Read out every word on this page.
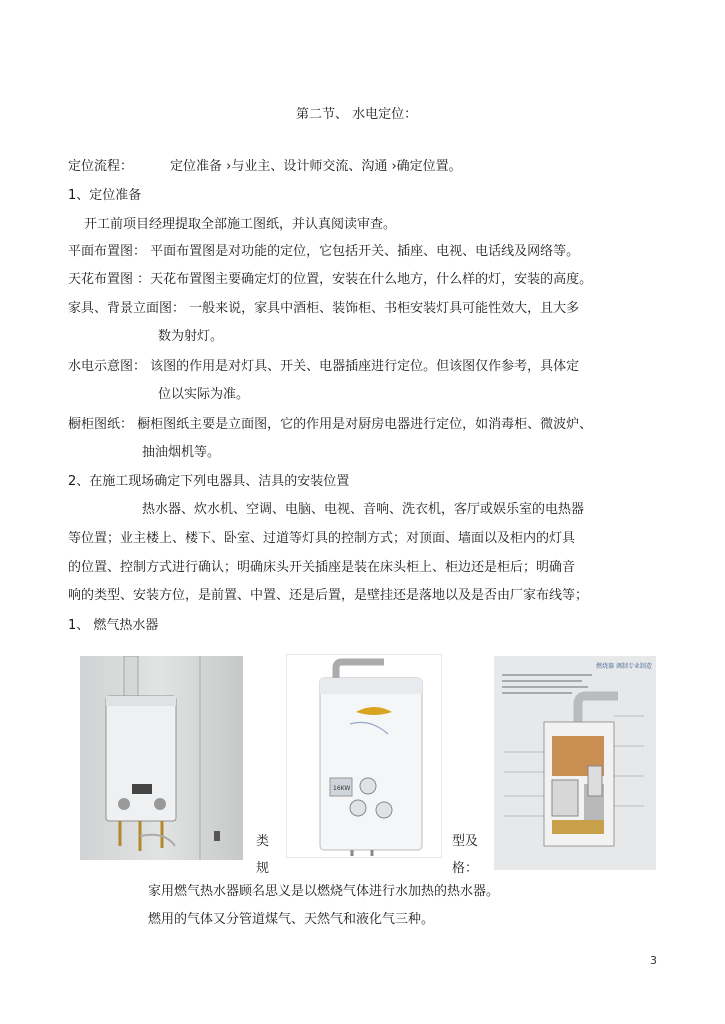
第二节、 水电定位：
定位流程：	定位准备 ›与业主、设计师交流、沟通 ›确定位置。
1、定位准备
开工前项目经理提取全部施工图纸，并认真阅读审查。
平面布置图： 平面布置图是对功能的定位，它包括开关、插座、电视、电话线及网络等。
天花布置图 ：天花布置图主要确定灯的位置，安装在什么地方，什么样的灯，安装的高度。
家具、背景立面图： 一般来说，家具中酒柜、装饰柜、书柜安装灯具可能性效大，且大多
数为射灯。
水电示意图： 该图的作用是对灯具、开关、电器插座进行定位。但该图仅作参考，具体定
位以实际为准。
橱柜图纸： 橱柜图纸主要是立面图，它的作用是对厨房电器进行定位，如消毒柜、微波炉、
抽油烟机等。
2、在施工现场确定下列电器具、洁具的安装位置
热水器、炊水机、空调、电脑、电视、音响、洗衣机，客厅或娱乐室的电热器
等位置；业主楼上、楼下、卧室、过道等灯具的控制方式；对顶面、墙面以及柜内的灯具
的位置、控制方式进行确认；明确床头开关插座是装在床头柜上、柜边还是柜后；明确音
响的类型、安装方位，是前置、中置、还是后置，是壁挂还是落地以及是否由厂家布线等；
1、 燃气热水器
16KW
燃烧器 调制专业制造
类
规
型及
格：
家用燃气热水器顾名思义是以燃烧气体进行水加热的热水器。
燃用的气体又分管道煤气、天然气和液化气三种。
3
